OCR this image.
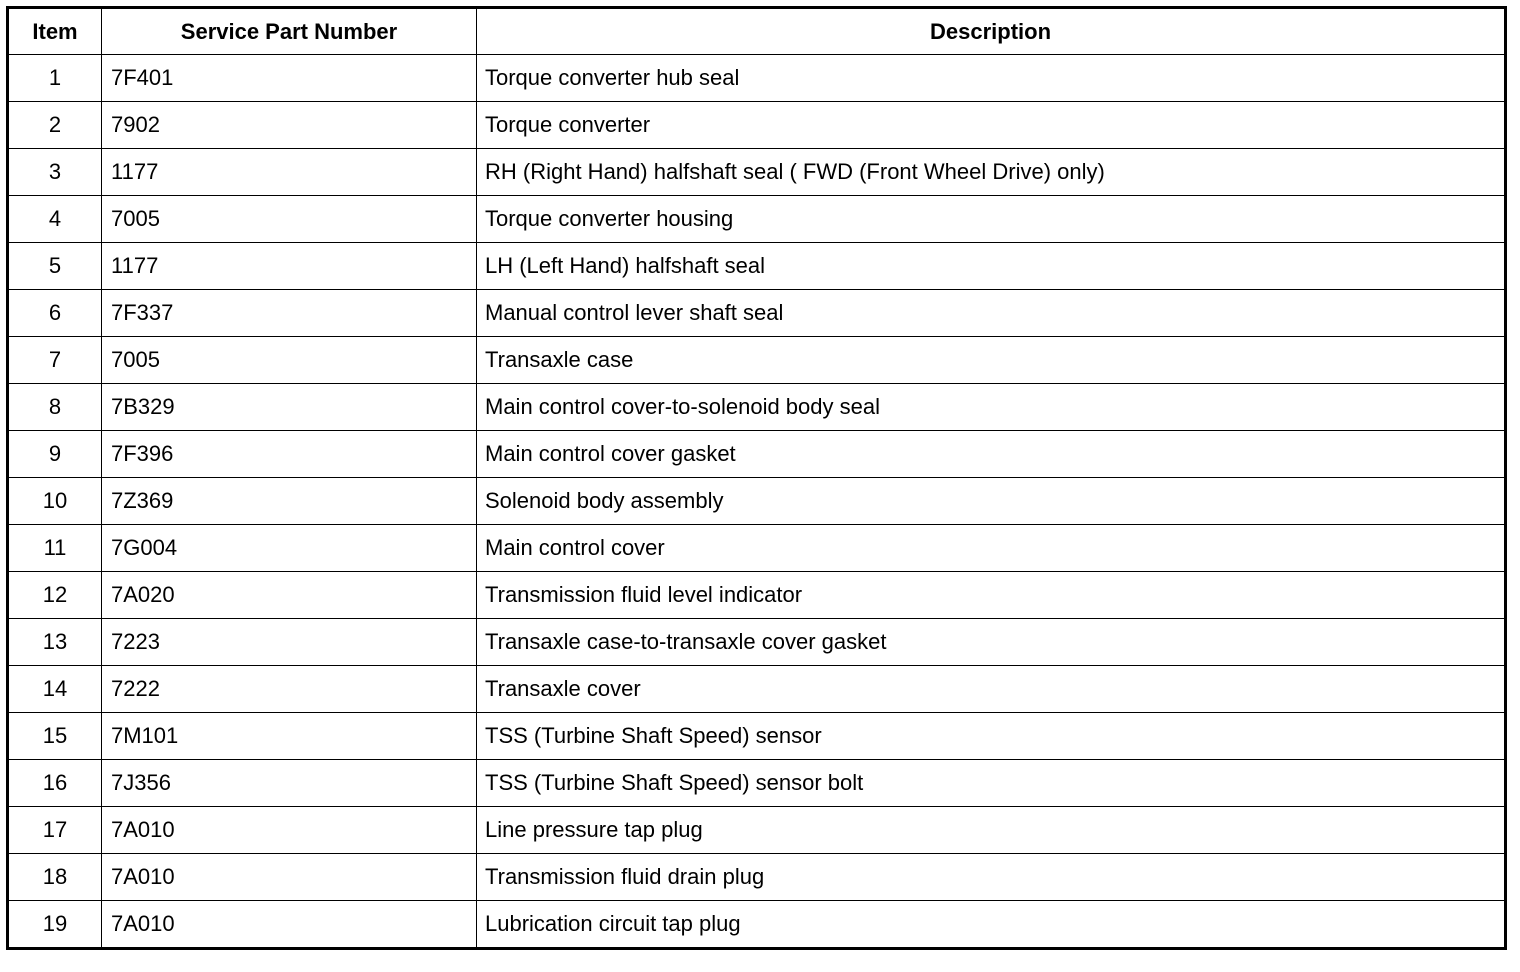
Item	Service Part Number	Description
1	7F401	Torque converter hub seal
2	7902	Torque converter
3	1177	RH (Right Hand) halfshaft seal ( FWD (Front Wheel Drive) only)
4	7005	Torque converter housing
5	1177	LH (Left Hand) halfshaft seal
6	7F337	Manual control lever shaft seal
7	7005	Transaxle case
8	7B329	Main control cover-to-solenoid body seal
9	7F396	Main control cover gasket
10	7Z369	Solenoid body assembly
11	7G004	Main control cover
12	7A020	Transmission fluid level indicator
13	7223	Transaxle case-to-transaxle cover gasket
14	7222	Transaxle cover
15	7M101	TSS (Turbine Shaft Speed) sensor
16	7J356	TSS (Turbine Shaft Speed) sensor bolt
17	7A010	Line pressure tap plug
18	7A010	Transmission fluid drain plug
19	7A010	Lubrication circuit tap plug
